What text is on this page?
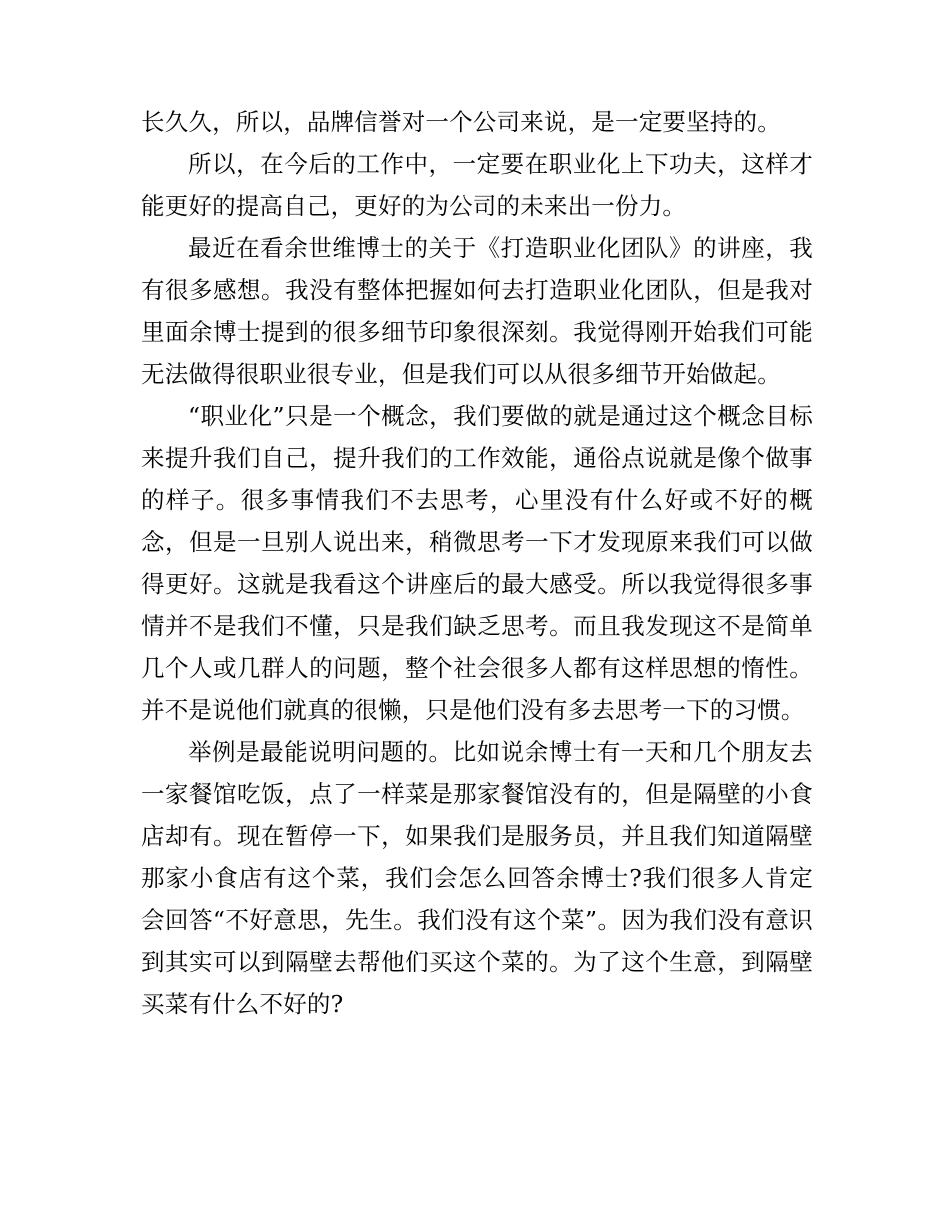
长久久，所以，品牌信誉对一个公司来说，是一定要坚持的。

所以，在今后的工作中，一定要在职业化上下功夫，这样才能更好的提高自己，更好的为公司的未来出一份力。

最近在看余世维博士的关于《打造职业化团队》的讲座，我有很多感想。我没有整体把握如何去打造职业化团队，但是我对里面余博士提到的很多细节印象很深刻。我觉得刚开始我们可能无法做得很职业很专业，但是我们可以从很多细节开始做起。

“职业化”只是一个概念，我们要做的就是通过这个概念目标来提升我们自己，提升我们的工作效能，通俗点说就是像个做事的样子。很多事情我们不去思考，心里没有什么好或不好的概念，但是一旦别人说出来，稍微思考一下才发现原来我们可以做得更好。这就是我看这个讲座后的最大感受。所以我觉得很多事情并不是我们不懂，只是我们缺乏思考。而且我发现这不是简单几个人或几群人的问题，整个社会很多人都有这样思想的惰性。并不是说他们就真的很懒，只是他们没有多去思考一下的习惯。

举例是最能说明问题的。比如说余博士有一天和几个朋友去一家餐馆吃饭，点了一样菜是那家餐馆没有的，但是隔壁的小食店却有。现在暂停一下，如果我们是服务员，并且我们知道隔壁那家小食店有这个菜，我们会怎么回答余博士?我们很多人肯定会回答“不好意思，先生。我们没有这个菜”。因为我们没有意识到其实可以到隔壁去帮他们买这个菜的。为了这个生意，到隔壁买菜有什么不好的?
